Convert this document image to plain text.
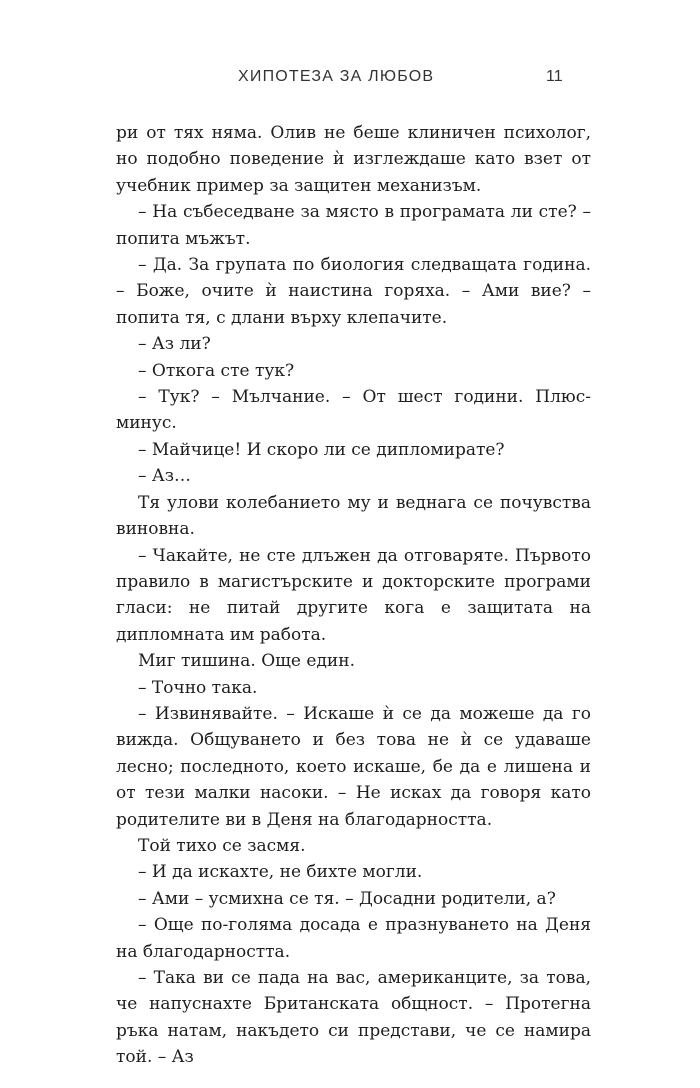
ХИПОТЕЗА ЗА ЛЮБОВ	11

ри от тях няма. Олив не беше клиничен психолог, но подобно поведение ѝ изглеждаше като взет от учебник пример за защитен механизъм.

– На събеседване за място в програмата ли сте? – попита мъжът.

– Да. За групата по биология следващата година. – Боже, очите ѝ наистина горяха. – Ами вие? – попита тя, с длани върху клепачите.

– Аз ли?

– Откога сте тук?

– Тук? – Мълчание. – От шест години. Плюс-минус.

– Майчице! И скоро ли се дипломирате?

– Аз…

Тя улови колебанието му и веднага се почувства виновна.

– Чакайте, не сте длъжен да отговаряте. Първото правило в магистърските и докторските програми гласи: не питай другите кога е защитата на дипломната им работа.

Миг тишина. Още един.

– Точно така.

– Извинявайте. – Искаше ѝ се да можеше да го вижда. Общуването и без това не ѝ се удаваше лесно; последното, което искаше, бе да е лишена и от тези малки насоки. – Не исках да говоря като родителите ви в Деня на благодарността.

Той тихо се засмя.

– И да искахте, не бихте могли.

– Ами – усмихна се тя. – Досадни родители, а?

– Още по-голяма досада е празнуването на Деня на благодарността.

– Така ви се пада на вас, американците, за това, че напуснахте Британската общност. – Протегна ръка натам, накъдето си представи, че се намира той. – Аз
